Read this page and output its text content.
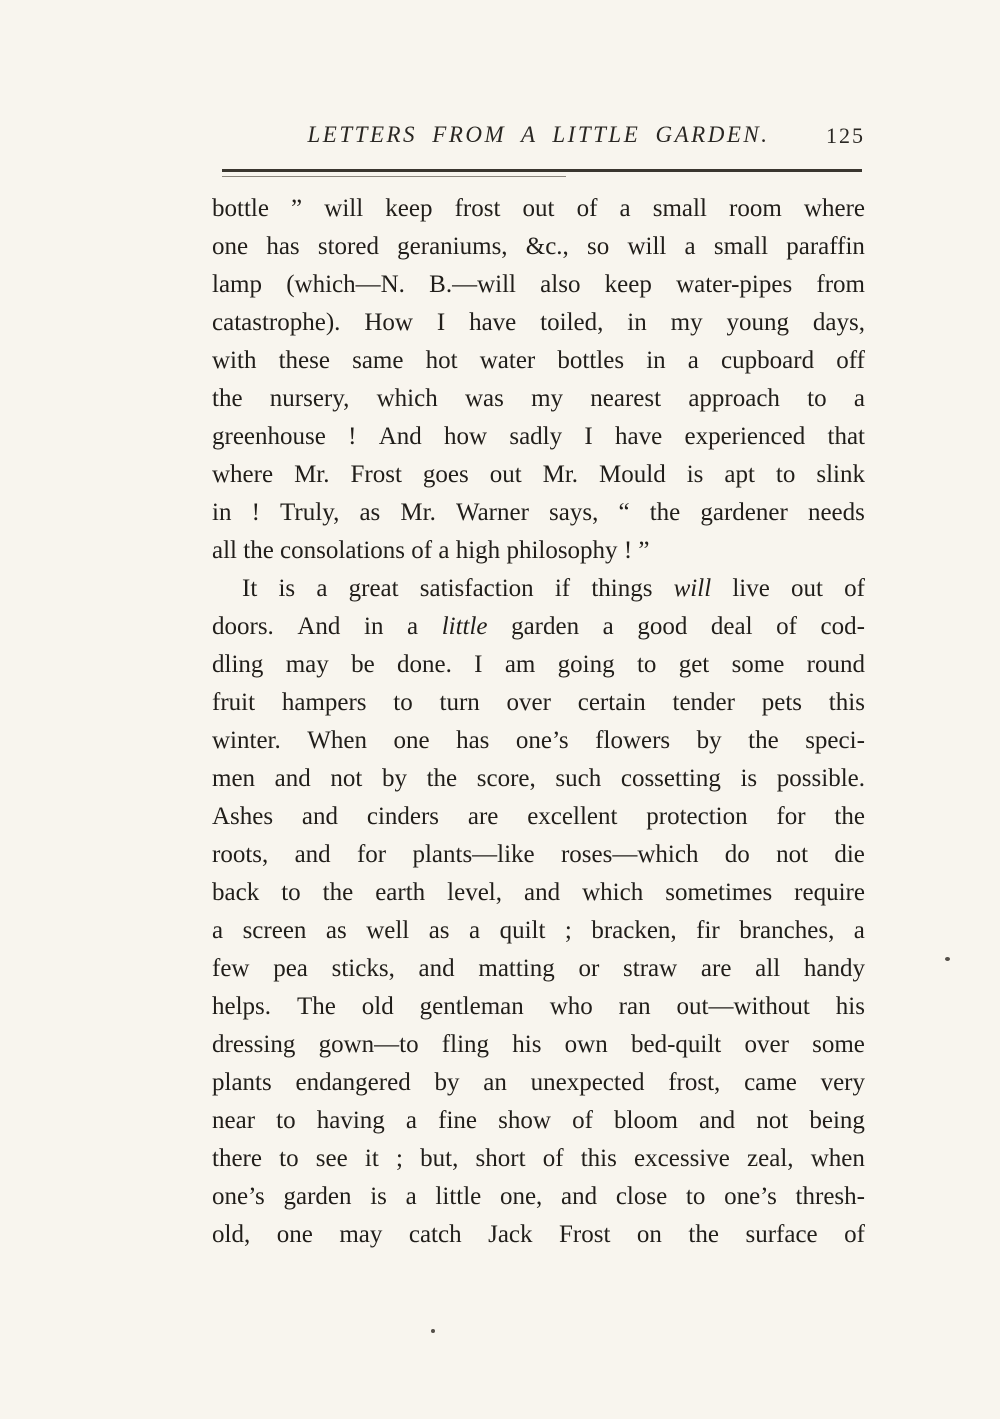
LETTERS FROM A LITTLE GARDEN.	125
bottle ” will keep frost out of a small room where
one has stored geraniums, &c., so will a small paraffin
lamp (which—N. B.—will also keep water-pipes from
catastrophe). How I have toiled, in my young days,
with these same hot water bottles in a cupboard off
the nursery, which was my nearest approach to a
greenhouse ! And how sadly I have experienced that
where Mr. Frost goes out Mr. Mould is apt to slink
in ! Truly, as Mr. Warner says, “ the gardener needs
all the consolations of a high philosophy ! ”
It is a great satisfaction if things will live out of
doors. And in a little garden a good deal of cod-
dling may be done. I am going to get some round
fruit hampers to turn over certain tender pets this
winter. When one has one’s flowers by the speci-
men and not by the score, such cossetting is possible.
Ashes and cinders are excellent protection for the
roots, and for plants—like roses—which do not die
back to the earth level, and which sometimes require
a screen as well as a quilt ; bracken, fir branches, a
few pea sticks, and matting or straw are all handy
helps. The old gentleman who ran out—without his
dressing gown—to fling his own bed-quilt over some
plants endangered by an unexpected frost, came very
near to having a fine show of bloom and not being
there to see it ; but, short of this excessive zeal, when
one’s garden is a little one, and close to one’s thresh-
old, one may catch Jack Frost on the surface of
